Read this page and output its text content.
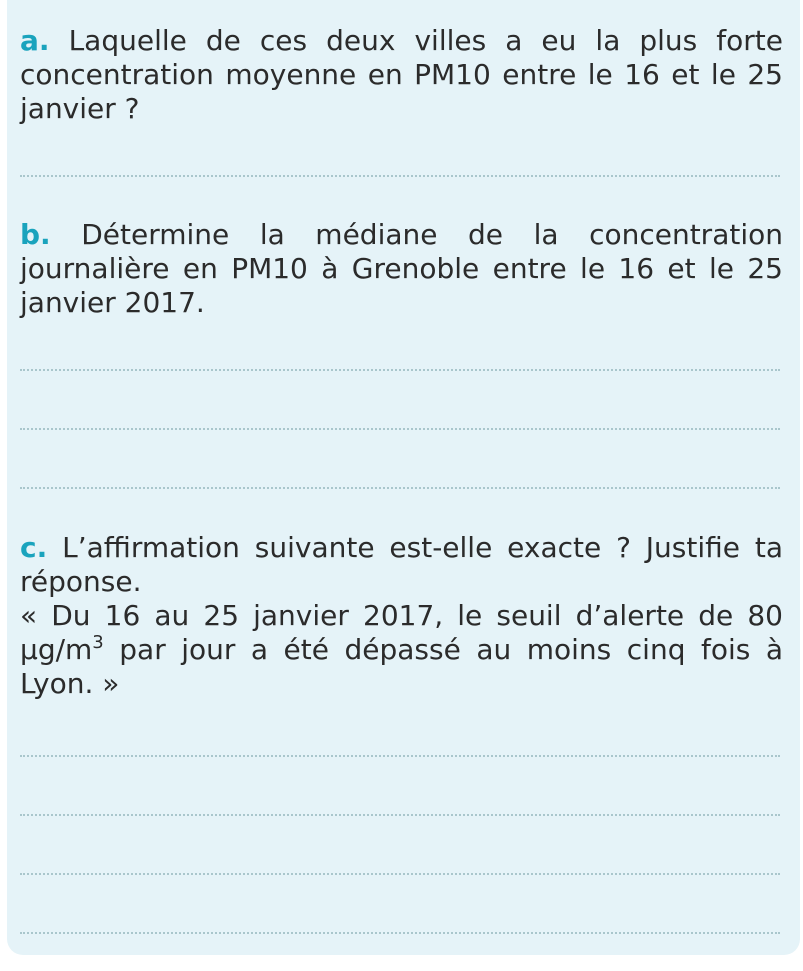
a. Laquelle de ces deux villes a eu la plus forte concentration moyenne en PM10 entre le 16 et le 25 janvier ?
b. Détermine la médiane de la concentration journalière en PM10 à Grenoble entre le 16 et le 25 janvier 2017.
c. L’affirmation suivante est-elle exacte ? Justifie ta réponse.
« Du 16 au 25 janvier 2017, le seuil d’alerte de 80 $\mu g/m^3$ par jour a été dépassé au moins cinq fois à Lyon. »
